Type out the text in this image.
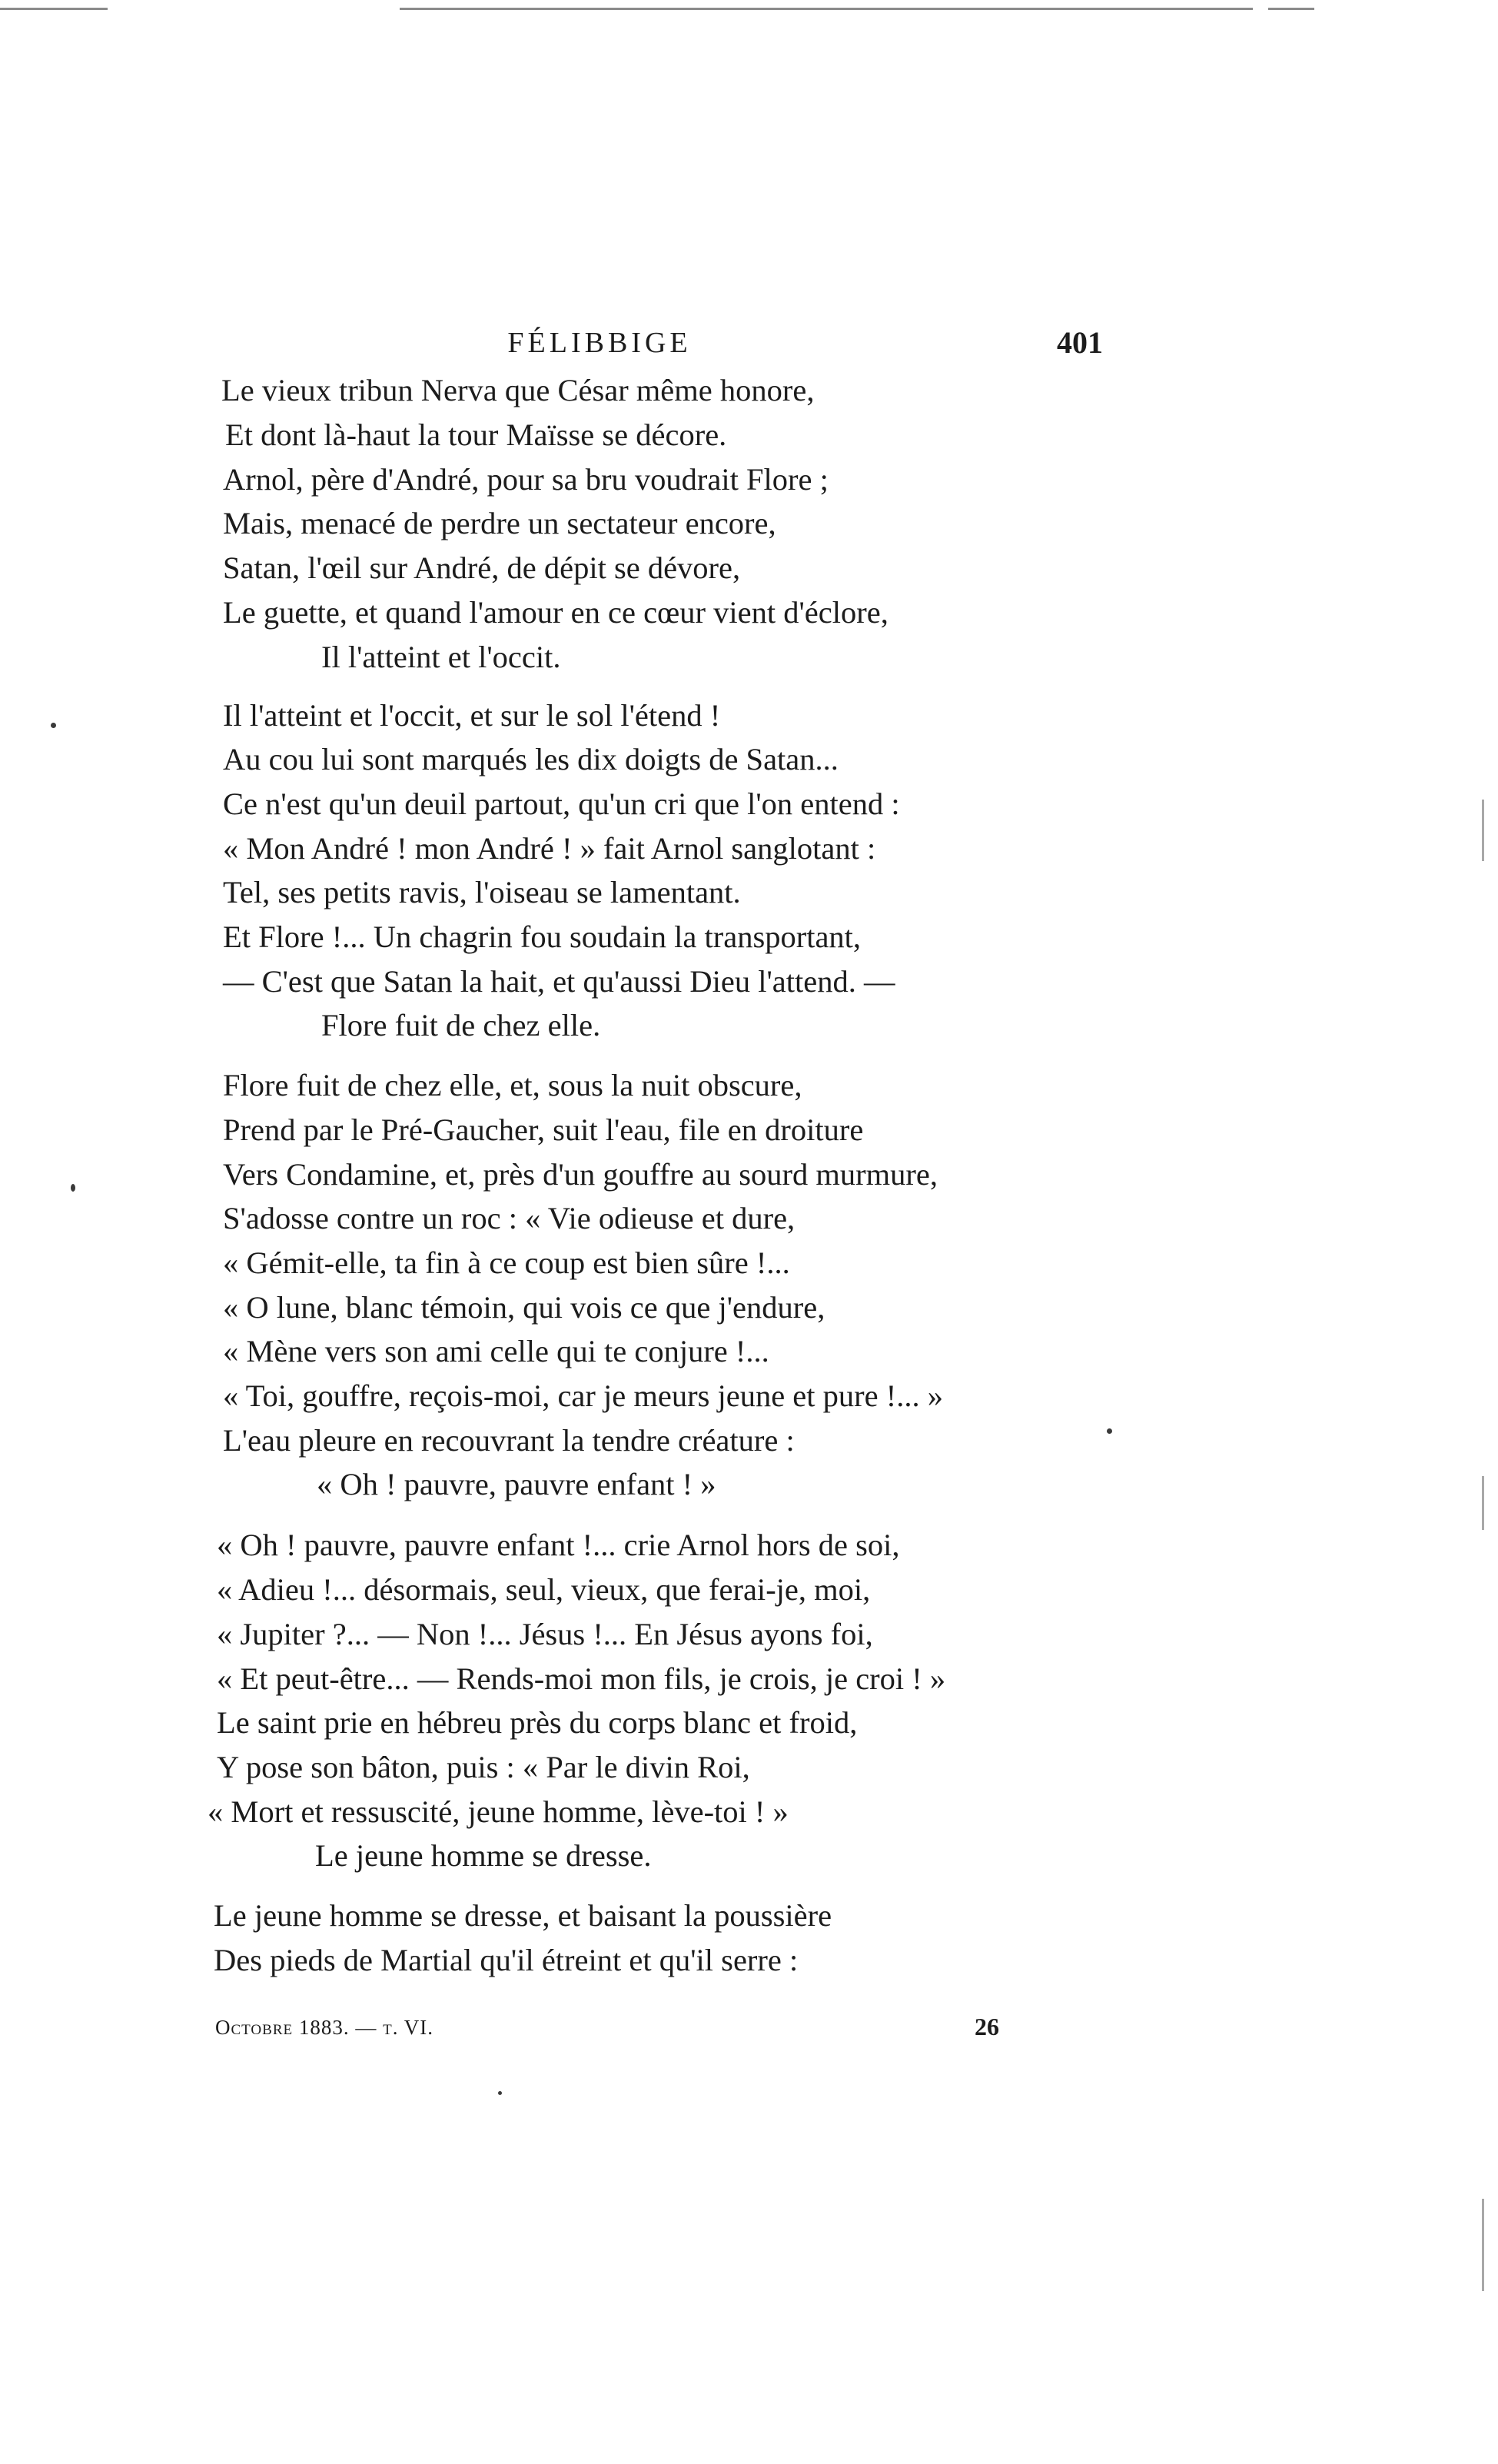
FÉLIBBIGE	401
Le vieux tribun Nerva que César même honore,
Et dont là-haut la tour Maïsse se décore.
Arnol, père d'André, pour sa bru voudrait Flore ;
Mais, menacé de perdre un sectateur encore,
Satan, l'œil sur André, de dépit se dévore,
Le guette, et quand l'amour en ce cœur vient d'éclore,
Il l'atteint et l'occit.
Il l'atteint et l'occit, et sur le sol l'étend !
Au cou lui sont marqués les dix doigts de Satan...
Ce n'est qu'un deuil partout, qu'un cri que l'on entend :
« Mon André ! mon André ! » fait Arnol sanglotant :
Tel, ses petits ravis, l'oiseau se lamentant.
Et Flore !... Un chagrin fou soudain la transportant,
— C'est que Satan la hait, et qu'aussi Dieu l'attend. —
Flore fuit de chez elle.
Flore fuit de chez elle, et, sous la nuit obscure,
Prend par le Pré-Gaucher, suit l'eau, file en droiture
Vers Condamine, et, près d'un gouffre au sourd murmure,
S'adosse contre un roc : « Vie odieuse et dure,
« Gémit-elle, ta fin à ce coup est bien sûre !...
« O lune, blanc témoin, qui vois ce que j'endure,
« Mène vers son ami celle qui te conjure !...
« Toi, gouffre, reçois-moi, car je meurs jeune et pure !... »
L'eau pleure en recouvrant la tendre créature :
« Oh ! pauvre, pauvre enfant ! »
« Oh ! pauvre, pauvre enfant !... crie Arnol hors de soi,
« Adieu !... désormais, seul, vieux, que ferai-je, moi,
« Jupiter ?... — Non !... Jésus !... En Jésus ayons foi,
« Et peut-être... — Rends-moi mon fils, je crois, je croi ! »
Le saint prie en hébreu près du corps blanc et froid,
Y pose son bâton, puis : « Par le divin Roi,
« Mort et ressuscité, jeune homme, lève-toi ! »
Le jeune homme se dresse.
Le jeune homme se dresse, et baisant la poussière
Des pieds de Martial qu'il étreint et qu'il serre :
Octobre 1883. — t. VI.	26
